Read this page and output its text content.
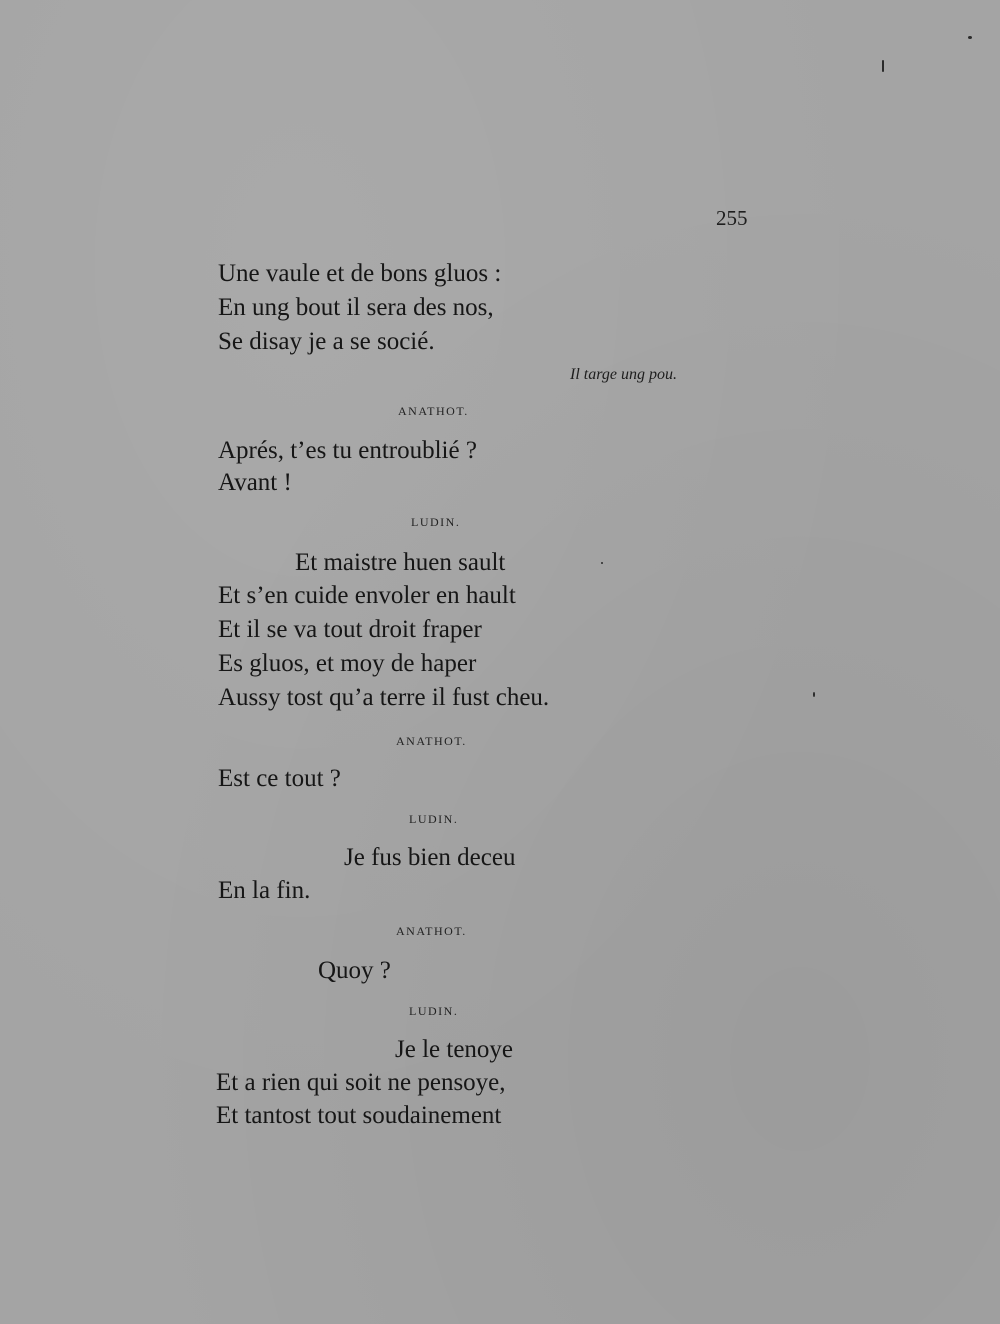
255
Une vaule et de bons gluos :
En ung bout il sera des nos,
Se disay je a se socié.
Il targe ung pou.
ANATHOT.
Aprés, t’es tu entroublié ?
Avant !
LUDIN.
Et maistre huen sault
Et s’en cuide envoler en hault
Et il se va tout droit fraper
Es gluos, et moy de haper
Aussy tost qu’a terre il fust cheu.
ANATHOT.
Est ce tout ?
LUDIN.
Je fus bien deceu
En la fin.
ANATHOT.
Quoy ?
LUDIN.
Je le tenoye
Et a rien qui soit ne pensoye,
Et tantost tout soudainement
